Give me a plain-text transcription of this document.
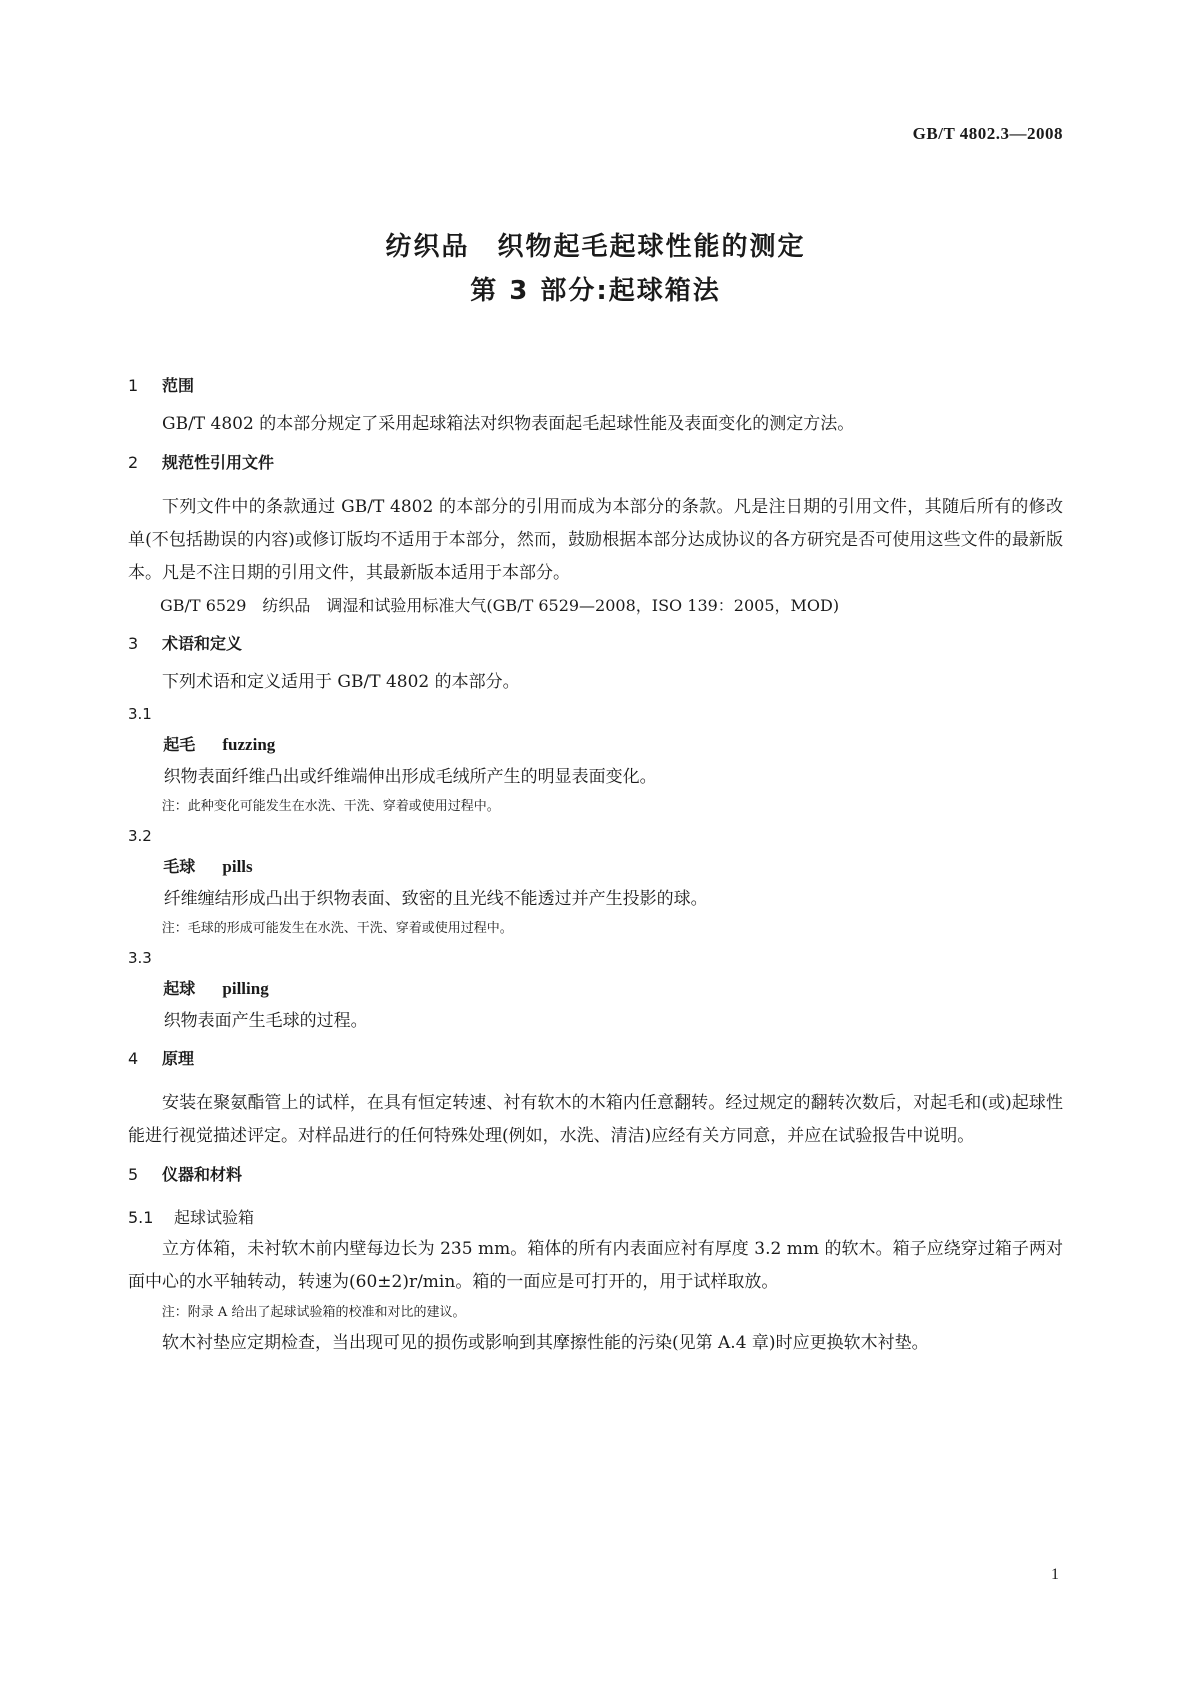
GB/T 4802.3—2008
纺织品　织物起毛起球性能的测定
第 3 部分:起球箱法
1 范围

GB/T 4802 的本部分规定了采用起球箱法对织物表面起毛起球性能及表面变化的测定方法。

2 规范性引用文件

下列文件中的条款通过 GB/T 4802 的本部分的引用而成为本部分的条款。凡是注日期的引用文件，其随后所有的修改单(不包括勘误的内容)或修订版均不适用于本部分，然而，鼓励根据本部分达成协议的各方研究是否可使用这些文件的最新版本。凡是不注日期的引用文件，其最新版本适用于本部分。

GB/T 6529　纺织品　调湿和试验用标准大气(GB/T 6529—2008，ISO 139：2005，MOD)

3 术语和定义

下列术语和定义适用于 GB/T 4802 的本部分。

3.1
起毛 fuzzing

织物表面纤维凸出或纤维端伸出形成毛绒所产生的明显表面变化。

注：此种变化可能发生在水洗、干洗、穿着或使用过程中。

3.2
毛球 pills

纤维缠结形成凸出于织物表面、致密的且光线不能透过并产生投影的球。

注：毛球的形成可能发生在水洗、干洗、穿着或使用过程中。

3.3
起球 pilling

织物表面产生毛球的过程。

4 原理

安装在聚氨酯管上的试样，在具有恒定转速、衬有软木的木箱内任意翻转。经过规定的翻转次数后，对起毛和(或)起球性能进行视觉描述评定。对样品进行的任何特殊处理(例如，水洗、清洁)应经有关方同意，并应在试验报告中说明。

5 仪器和材料
5.1 起球试验箱

立方体箱，未衬软木前内壁每边长为 235 mm。箱体的所有内表面应衬有厚度 3.2 mm 的软木。箱子应绕穿过箱子两对面中心的水平轴转动，转速为(60±2)r/min。箱的一面应是可打开的，用于试样取放。

注：附录 A 给出了起球试验箱的校准和对比的建议。

软木衬垫应定期检查，当出现可见的损伤或影响到其摩擦性能的污染(见第 A.4 章)时应更换软木衬垫。

1
